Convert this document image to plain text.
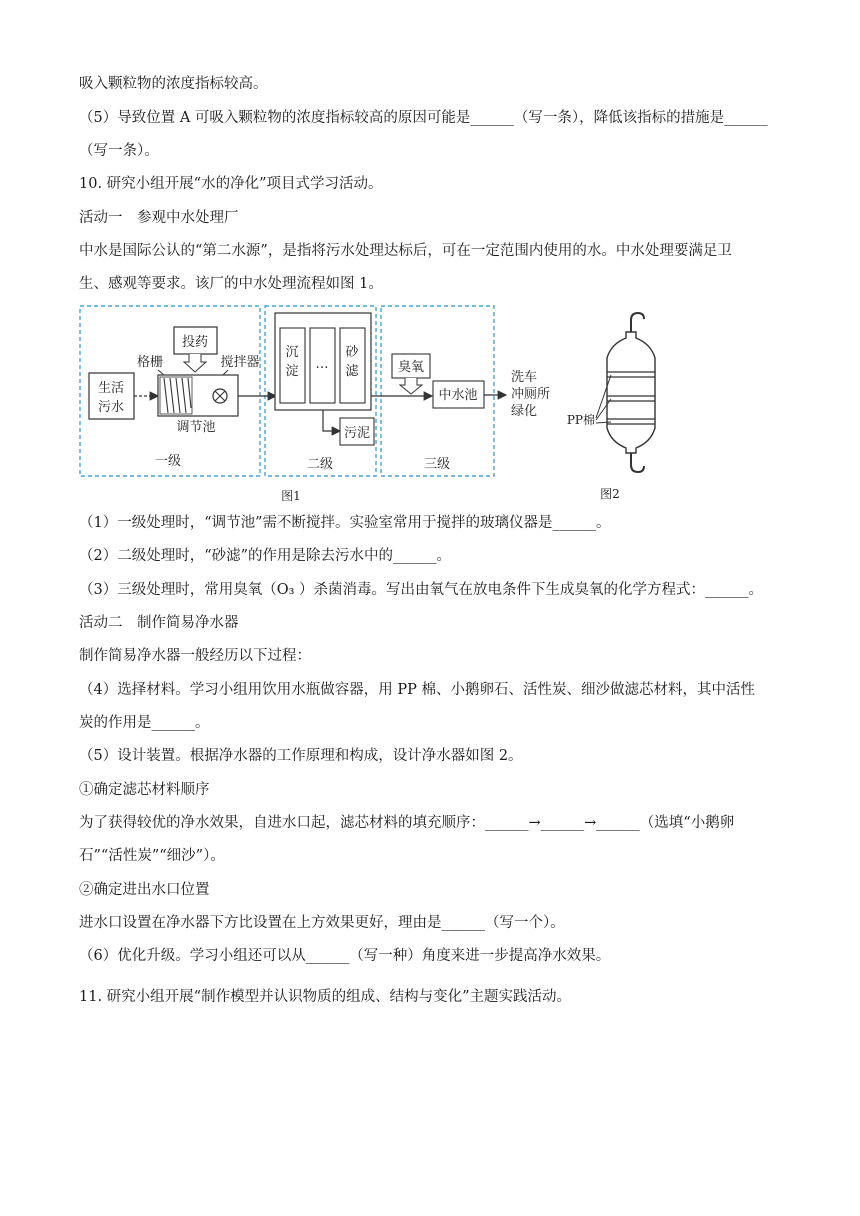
吸入颗粒物的浓度指标较高。
（5）导致位置 A 可吸入颗粒物的浓度指标较高的原因可能是______（写一条），降低该指标的措施是______
（写一条）。
10. 研究小组开展“水的净化”项目式学习活动。
活动一　参观中水处理厂
中水是国际公认的“第二水源”，是指将污水处理达标后，可在一定范围内使用的水。中水处理要满足卫
生、感观等要求。该厂的中水处理流程如图 1。
生活
污水
格栅
投药
搅拌器
调节池
沉
淀 …
砂
滤
污泥
臭氧
中水池
洗车
冲厕所
绿化
一级	二级	三级
图1
PP棉
图2
（1）一级处理时，“调节池”需不断搅拌。实验室常用于搅拌的玻璃仪器是______。
（2）二级处理时，“砂滤”的作用是除去污水中的______。
（3）三级处理时，常用臭氧（O₃ ）杀菌消毒。写出由氧气在放电条件下生成臭氧的化学方程式：______。
活动二　制作简易净水器
制作简易净水器一般经历以下过程：
（4）选择材料。学习小组用饮用水瓶做容器，用 PP 棉、小鹅卵石、活性炭、细沙做滤芯材料，其中活性
炭的作用是______。
（5）设计装置。根据净水器的工作原理和构成，设计净水器如图 2。
①确定滤芯材料顺序
为了获得较优的净水效果，自进水口起，滤芯材料的填充顺序：______→______→______（选填“小鹅卵
石”“活性炭”“细沙”）。
②确定进出水口位置
进水口设置在净水器下方比设置在上方效果更好，理由是______（写一个）。
（6）优化升级。学习小组还可以从______（写一种）角度来进一步提高净水效果。
11. 研究小组开展“制作模型并认识物质的组成、结构与变化”主题实践活动。
